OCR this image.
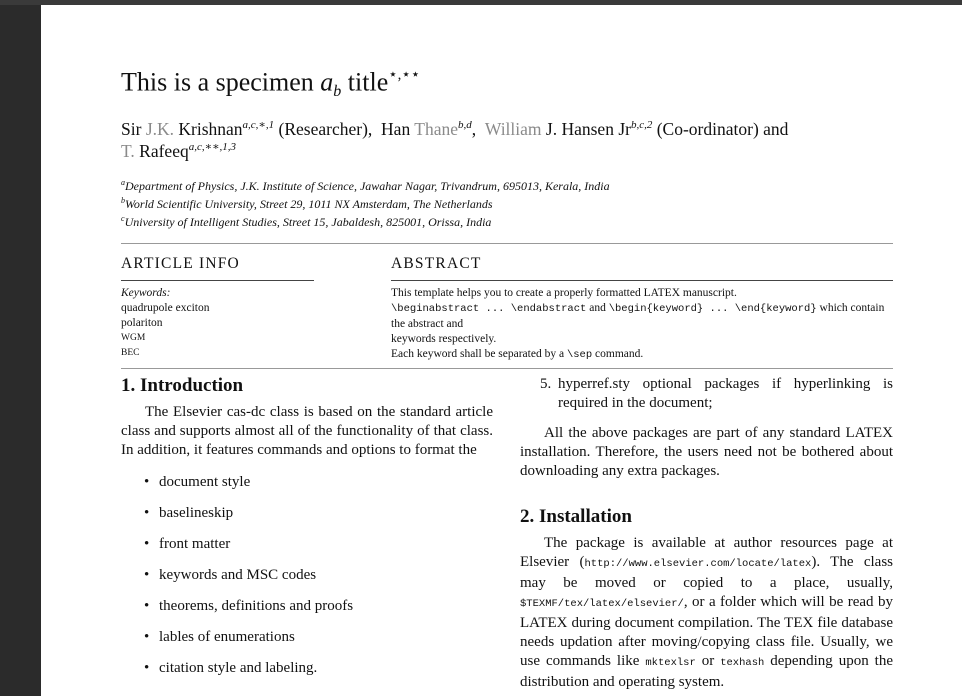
This is a specimen ab title⋆,⋆⋆
Sir J.K. Krishnan$^{a,c,∗,1}$ (Researcher), Han Thane$^{b,d}$, William J. Hansen Jr$^{b,c,2}$ (Co-ordinator) and
T. Rafeeq$^{a,c,∗∗,1,3}$
$^a$Department of Physics, J.K. Institute of Science, Jawahar Nagar, Trivandrum, 695013, Kerala, India
$^b$World Scientific University, Street 29, 1011 NX Amsterdam, The Netherlands
$^c$University of Intelligent Studies, Street 15, Jabaldesh, 825001, Orissa, India
ARTICLE INFO	ABSTRACT
Keywords:
quadrupole exciton
polariton
WGM
BEC
This template helps you to create a properly formatted LATEX manuscript.
\beginabstract ... \endabstract and \begin{keyword} ... \end{keyword} which contain the abstract and
keywords respectively.
Each keyword shall be separated by a \sep command.
1. Introduction

The Elsevier cas-dc class is based on the standard article class and supports almost all of the functionality of that class. In addition, it features commands and options to format the

• document style
• baselineskip
• front matter
• keywords and MSC codes
• theorems, definitions and proofs
• lables of enumerations
• citation style and labeling.
5. hyperref.sty optional packages if hyperlinking is required in the document;

All the above packages are part of any standard LATEX installation. Therefore, the users need not be bothered about downloading any extra packages.

2. Installation

The package is available at author resources page at Elsevier (http://www.elsevier.com/locate/latex). The class may be moved or copied to a place, usually, $TEXMF/tex/latex/elsevier/, or a folder which will be read by LATEX during document compilation. The TEX file database needs updation after moving/copying class file. Usually, we use commands like mktexlsr or texhash depending upon the distribution and operating system.
